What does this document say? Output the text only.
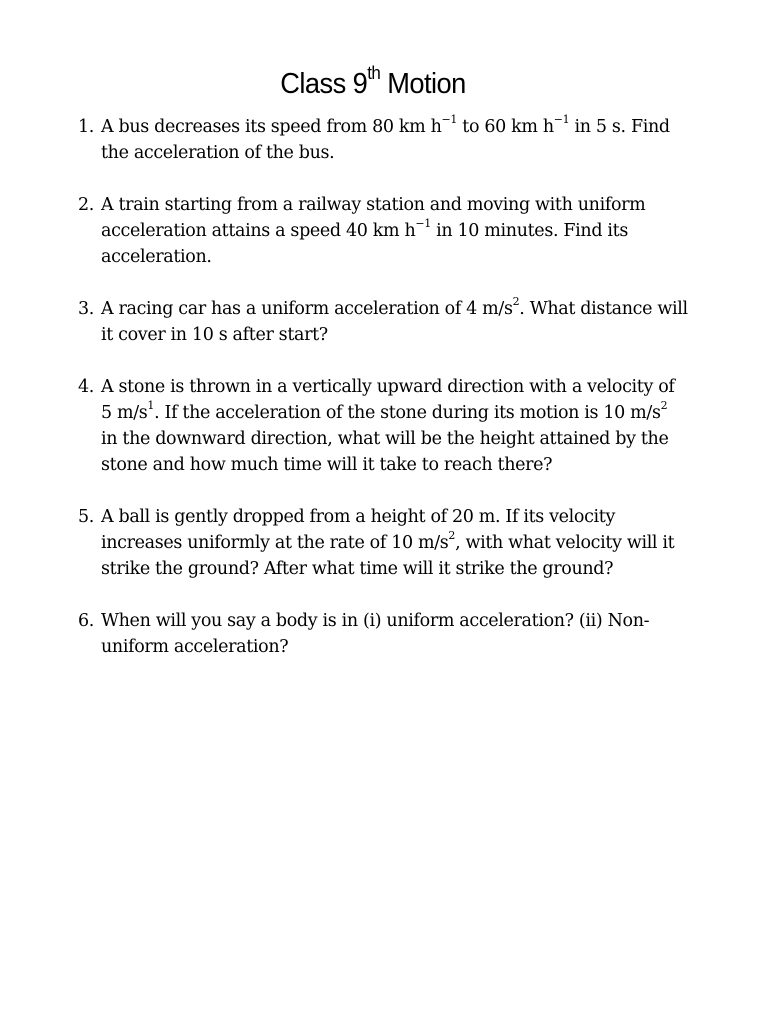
Class 9th Motion
1. A bus decreases its speed from 80 km $h^{-1}$ to 60 km $h^{-1}$ in 5 s. Find
the acceleration of the bus.
2. A train starting from a railway station and moving with uniform
acceleration attains a speed 40 km $h^{-1}$ in 10 minutes. Find its
acceleration.
3. A racing car has a uniform acceleration of 4 $m/s^2$. What distance will
it cover in 10 s after start?
4. A stone is thrown in a vertically upward direction with a velocity of
5 $m/s^1$. If the acceleration of the stone during its motion is 10 $m/s^2$
in the downward direction, what will be the height attained by the
stone and how much time will it take to reach there?
5. A ball is gently dropped from a height of 20 m. If its velocity
increases uniformly at the rate of 10 $m/s^2$, with what velocity will it
strike the ground? After what time will it strike the ground?
6. When will you say a body is in (i) uniform acceleration? (ii) Non-
uniform acceleration?
